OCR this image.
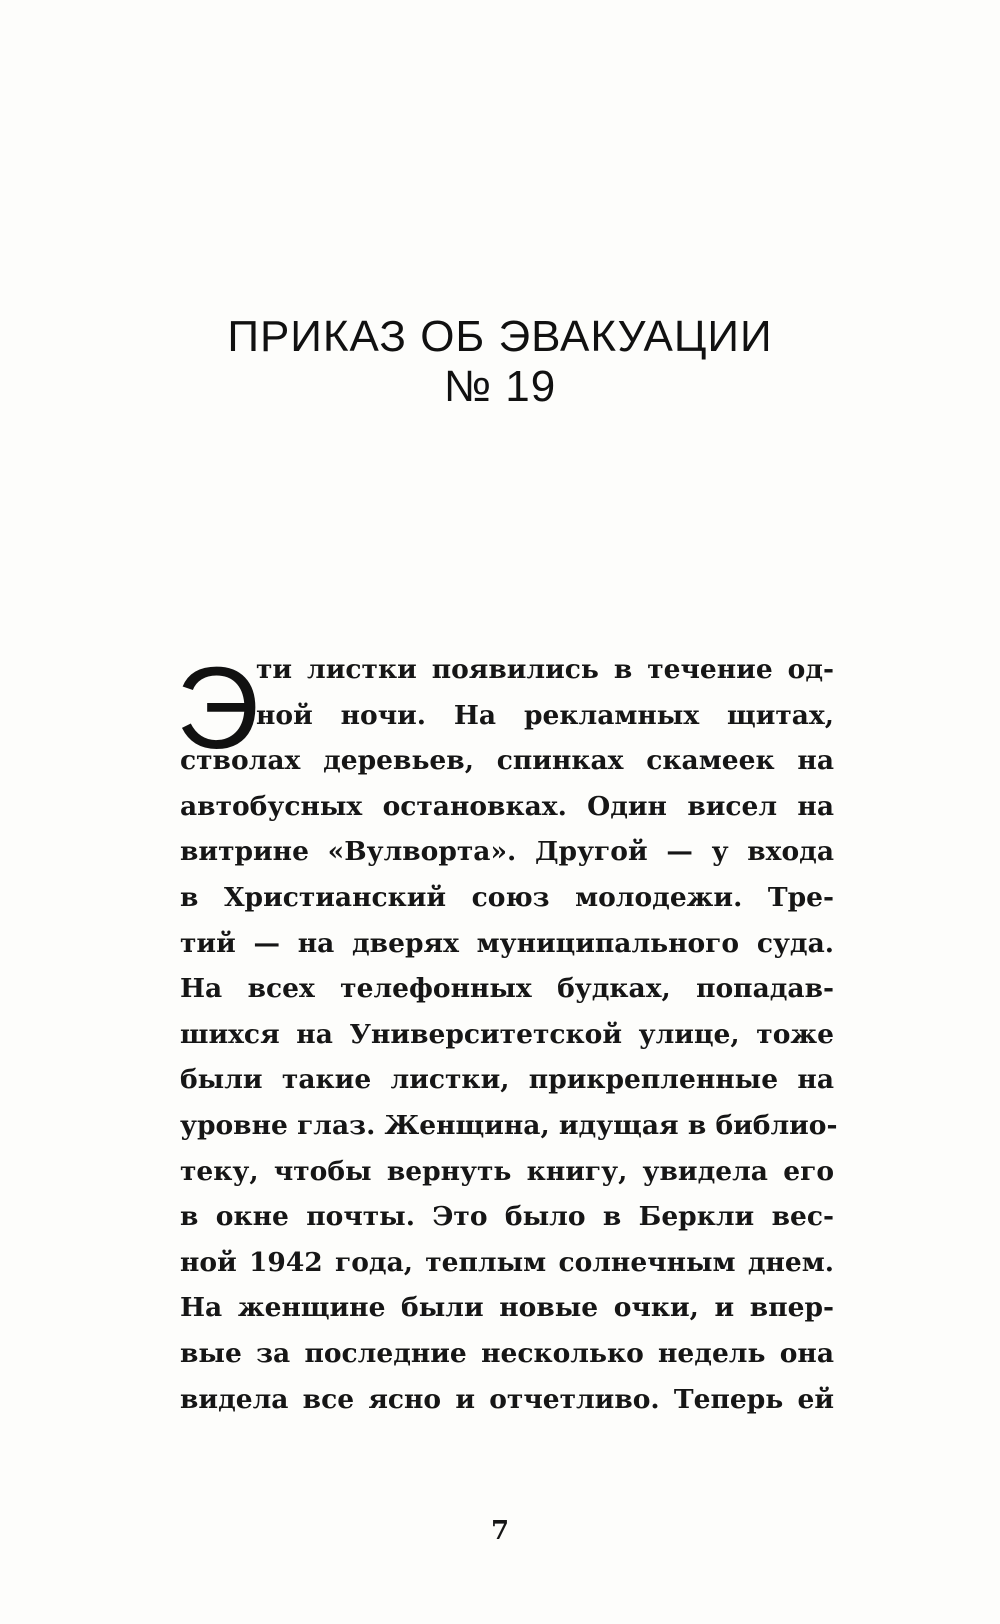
ПРИКАЗ ОБ ЭВАКУАЦИИ
№ 19
Э
ти листки появились в течение од-
ной ночи. На рекламных щитах,
стволах деревьев, спинках скамеек на
автобусных остановках. Один висел на
витрине «Вулворта». Другой — у входа
в Христианский союз молодежи. Тре-
тий — на дверях муниципального суда.
На всех телефонных будках, попадав-
шихся на Университетской улице, тоже
были такие листки, прикрепленные на
уровне глаз. Женщина, идущая в библио-
теку, чтобы вернуть книгу, увидела его
в окне почты. Это было в Беркли вес-
ной 1942 года, теплым солнечным днем.
На женщине были новые очки, и впер-
вые за последние несколько недель она
видела все ясно и отчетливо. Теперь ей
7
